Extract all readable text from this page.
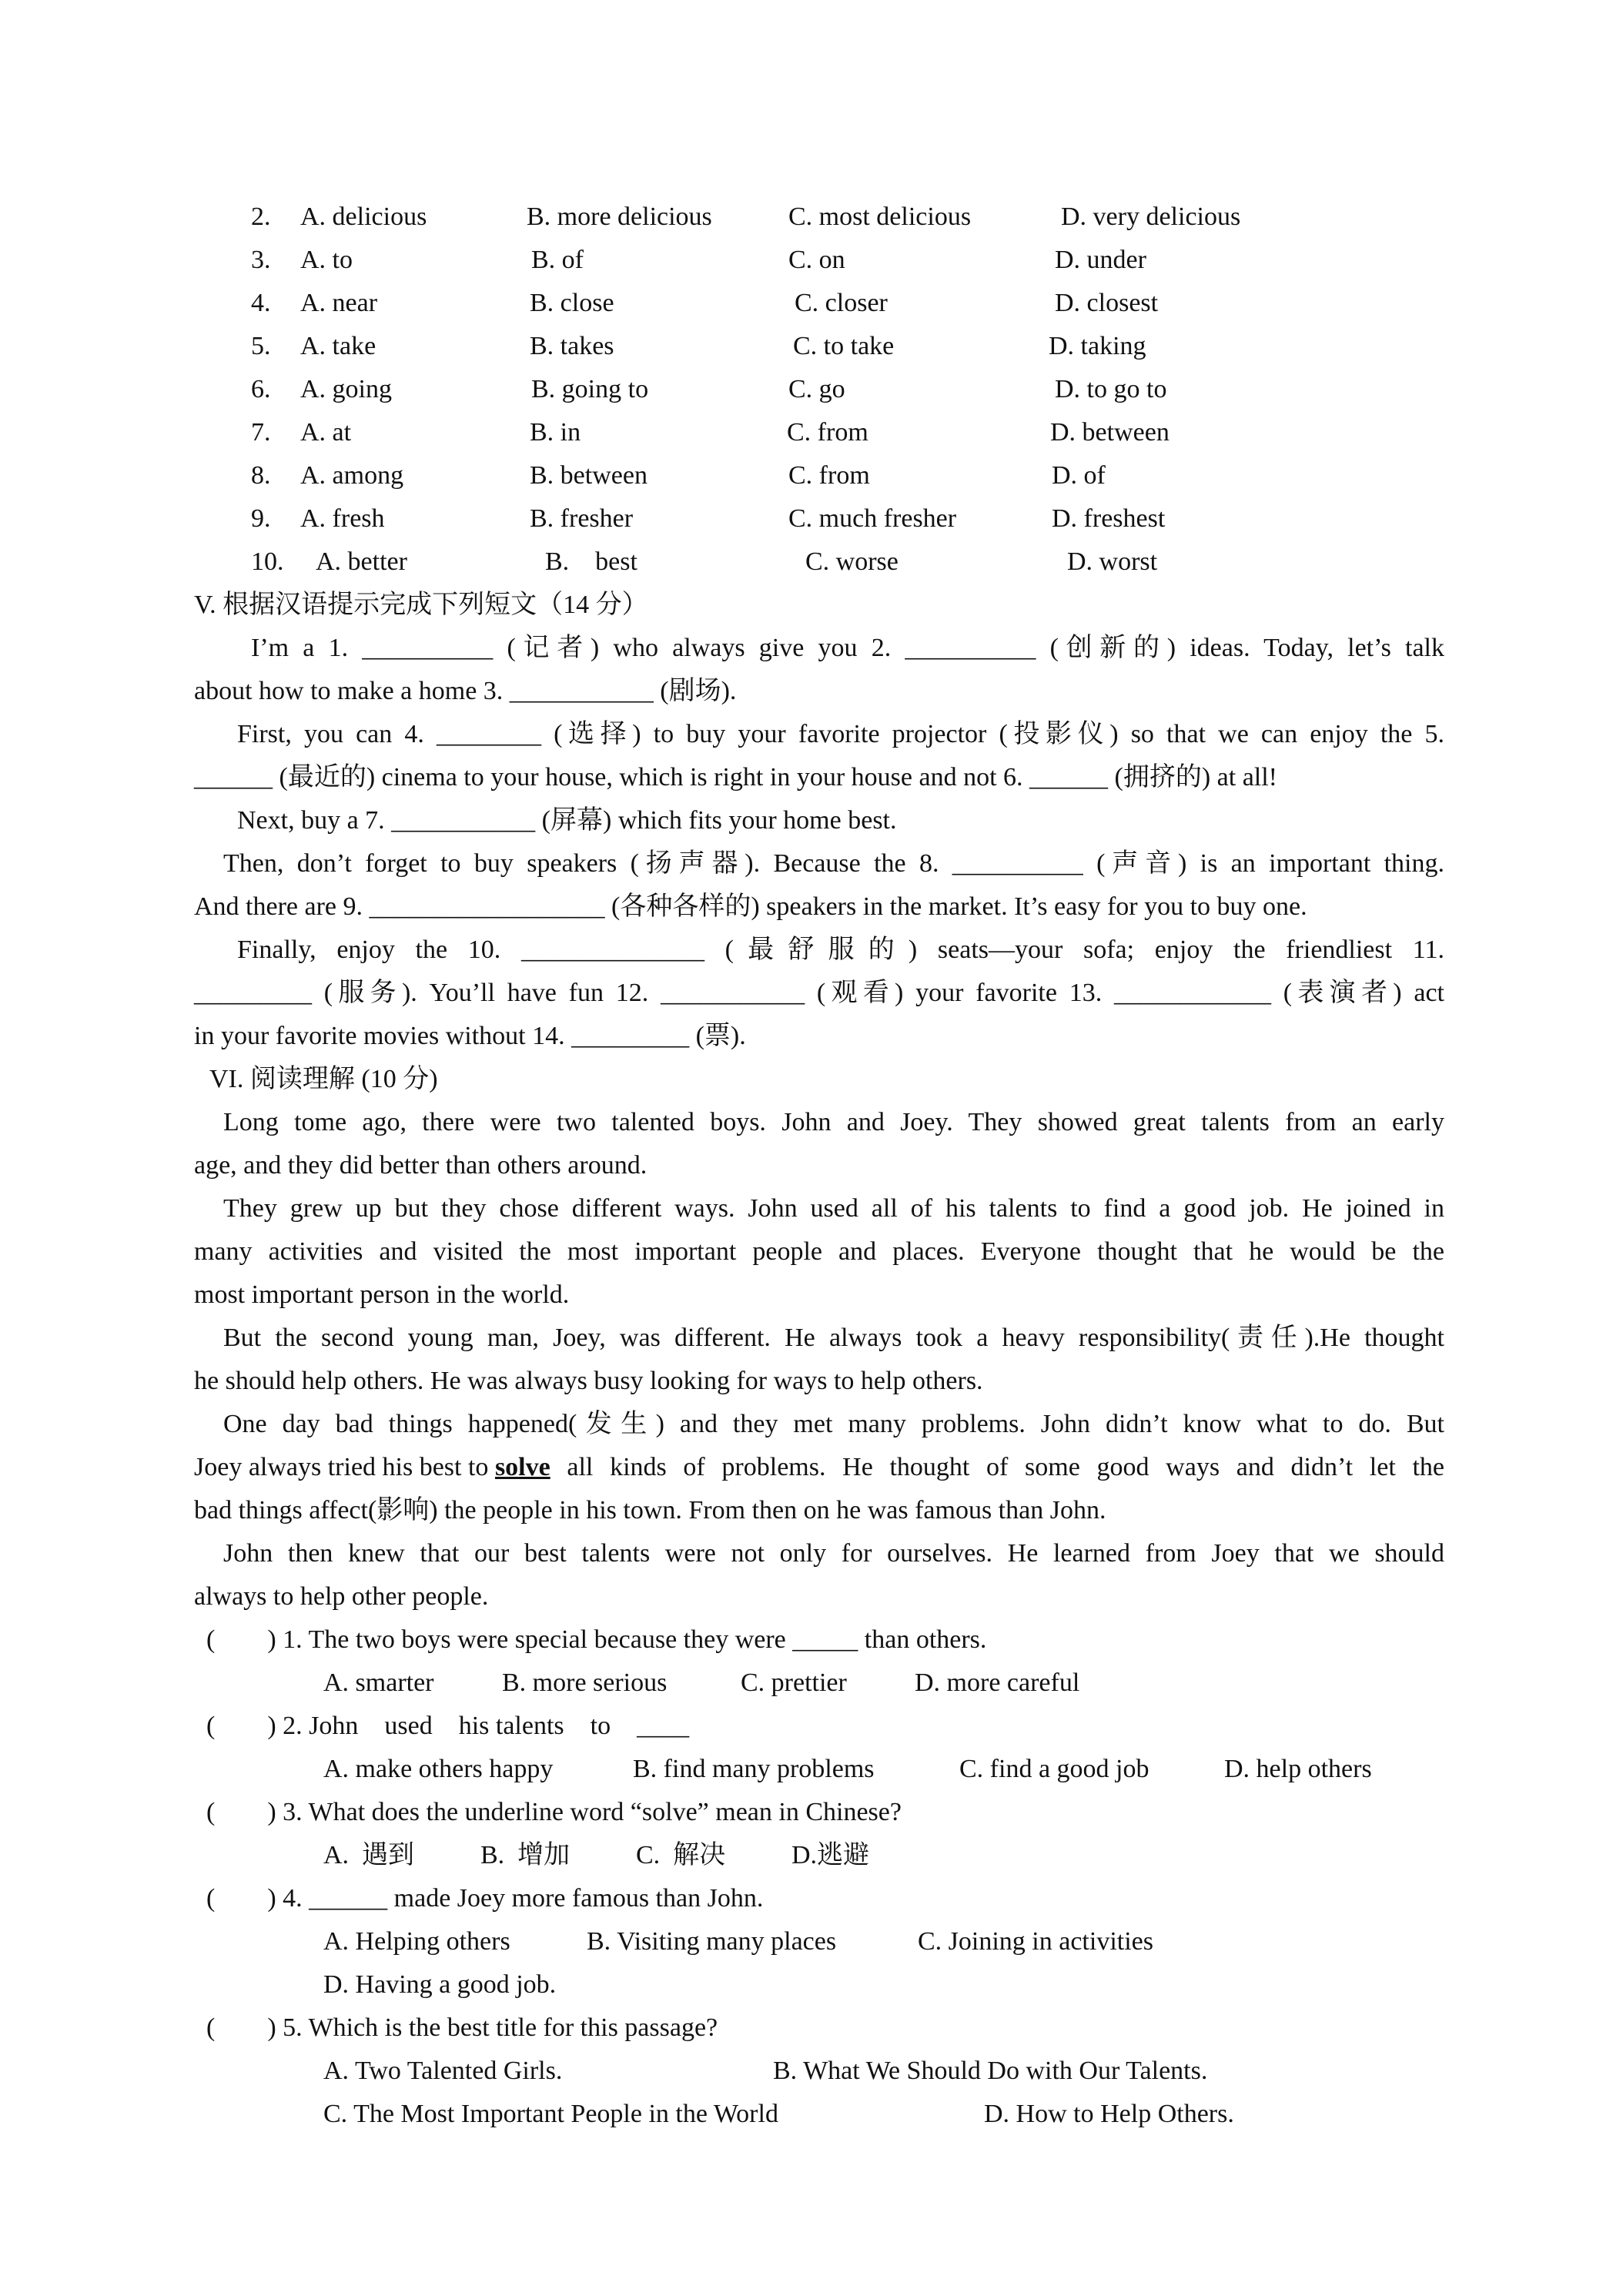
2. A. delicious	B. more delicious	C. most delicious	D. very delicious
3. A. to	B. of	C. on	D. under
4. A. near	B. close	C. closer	D. closest
5. A. take	B. takes	C. to take	D. taking
6. A. going	B. going to	C. go	D. to go to
7. A. at	B. in	C. from	D. between
8. A. among	B. between	C. from	D. of
9. A. fresh	B. fresher	C. much fresher	D. freshest
10. A. better	B.    best	C. worse	D. worst
V. 根据汉语提示完成下列短文（14 分）
I’m a 1. __________ (记者) who always give you 2. __________ (创新的) ideas. Today, let’s talk
about how to make a home 3. ___________ (剧场).
First, you can 4. ________ (选择) to buy your favorite projector (投影仪) so that we can enjoy the 5.
______ (最近的) cinema to your house, which is right in your house and not 6. ______ (拥挤的) at all!
Next, buy a 7. ___________ (屏幕) which fits your home best.
Then, don’t forget to buy speakers (扬声器). Because the 8. __________ (声音) is an important thing.
And there are 9. __________________ (各种各样的) speakers in the market. It’s easy for you to buy one.
Finally, enjoy the 10. ______________ (最舒服的) seats—your sofa; enjoy the friendliest 11.
_________ (服务). You’ll have fun 12. ___________ (观看) your favorite 13. ____________ (表演者) act
in your favorite movies without 14. _________ (票).
VI. 阅读理解 (10 分)
Long tome ago, there were two talented boys. John and Joey. They showed great talents from an early
age, and they did better than others around.
They grew up but they chose different ways. John used all of his talents to find a good job. He joined in
many activities and visited the most important people and places. Everyone thought that he would be the
most important person in the world.
But the second young man, Joey, was different. He always took a heavy responsibility(责任).He thought
he should help others. He was always busy looking for ways to help others.
One day bad things happened(发生) and they met many problems. John didn’t know what to do. But
Joey always tried his best to solve all kinds of problems. He thought of some good ways and didn’t let the
bad things affect(影响) the people in his town. From then on he was famous than John.
John then knew that our best talents were not only for ourselves. He learned from Joey that we should
always to help other people.
(        ) 1. The two boys were special because they were _____ than others.
A. smarter	B. more serious	C. prettier	D. more careful
(        ) 2. John    used    his talents    to    ____
A. make others happy	B. find many problems	C. find a good job	D. help others
(        ) 3. What does the underline word “solve” mean in Chinese?
A.  遇到	B.  增加	C.  解决	D.逃避
(        ) 4. ______ made Joey more famous than John.
A. Helping others	B. Visiting many places	C. Joining in activities
D. Having a good job.
(        ) 5. Which is the best title for this passage?
A. Two Talented Girls.	B. What We Should Do with Our Talents.
C. The Most Important People in the World	D. How to Help Others.
